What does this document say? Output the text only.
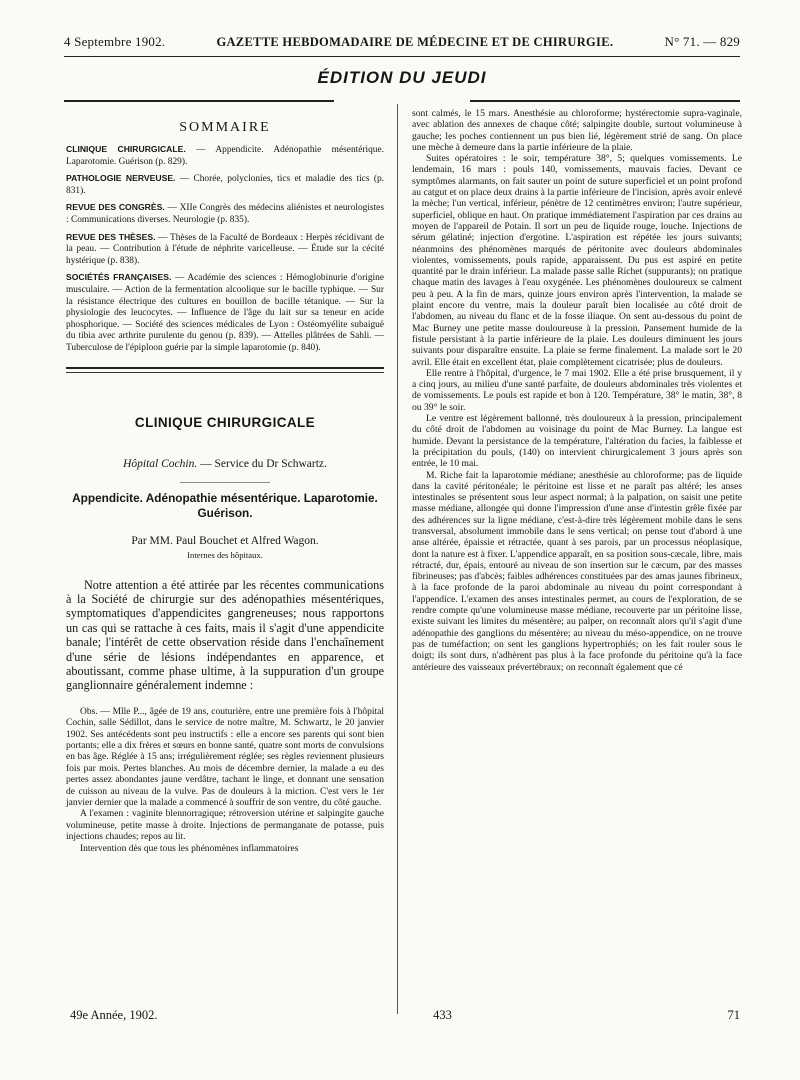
4 Septembre 1902.	GAZETTE HEBDOMADAIRE DE MÉDECINE ET DE CHIRURGIE.	N° 71. — 829
ÉDITION DU JEUDI
SOMMAIRE

CLINIQUE CHIRURGICALE. — Appendicite. Adénopathie mésentérique. Laparotomie. Guérison (p. 829).

PATHOLOGIE NERVEUSE. — Chorée, polyclonies, tics et maladie des tics (p. 831).

REVUE DES CONGRÈS. — XIIe Congrès des médecins aliénistes et neurologistes : Communications diverses. Neurologie (p. 835).

REVUE DES THÈSES. — Thèses de la Faculté de Bordeaux : Herpès récidivant de la peau. — Contribution à l'étude de néphrite varicelleuse. — Étude sur la cécité hystérique (p. 838).

SOCIÉTÉS FRANÇAISES. — Académie des sciences : Hémoglobinurie d'origine musculaire. — Action de la fermentation alcoolique sur le bacille typhique. — Sur la résistance électrique des cultures en bouillon de bacille tétanique. — Sur la physiologie des leucocytes. — Influence de l'âge du lait sur sa teneur en acide phosphorique. — Société des sciences médicales de Lyon : Ostéomyélite subaiguë du tibia avec arthrite purulente du genou (p. 839). — Attelles plâtrées de Sahli. — Tuberculose de l'épiploon guérie par la simple laparotomie (p. 840).

CLINIQUE CHIRURGICALE
Hôpital Cochin. — Service du Dr Schwartz.
Appendicite. Adénopathie mésentérique. Laparotomie. Guérison.
Par MM. Paul Bouchet et Alfred Wagon.
Internes des hôpitaux.

Notre attention a été attirée par les récentes communications à la Société de chirurgie sur des adénopathies mésentériques, symptomatiques d'appendicites gangreneuses; nous rapportons un cas qui se rattache à ces faits, mais il s'agit d'une appendicite banale; l'intérêt de cette observation réside dans l'enchaînement d'une série de lésions indépendantes en apparence, et aboutissant, comme phase ultime, à la suppuration d'un groupe ganglionnaire généralement indemne :

Obs. — Mlle P..., âgée de 19 ans, couturière, entre une première fois à l'hôpital Cochin, salle Sédillot, dans le service de notre maître, M. Schwartz, le 20 janvier 1902. Ses antécédents sont peu instructifs : elle a encore ses parents qui sont bien portants; elle a dix frères et sœurs en bonne santé, quatre sont morts de convulsions en bas âge. Réglée à 15 ans; irrégulièrement réglée; ses règles reviennent plusieurs fois par mois. Pertes blanches. Au mois de décembre dernier, la malade a eu des pertes assez abondantes jaune verdâtre, tachant le linge, et donnant une sensation de cuisson au niveau de la vulve. Pas de douleurs à la miction. C'est vers le 1er janvier dernier que la malade a commencé à souffrir de son ventre, du côté gauche.

A l'examen : vaginite blennorragique; rétroversion utérine et salpingite gauche volumineuse, petite masse à droite. Injections de permanganate de potasse, puis injections chaudes; repos au lit.

Intervention dès que tous les phénomènes inflammatoires

sont calmés, le 15 mars. Anesthésie au chloroforme; hystérectomie supra-vaginale, avec ablation des annexes de chaque côté; salpingite double, surtout volumineuse à gauche; les poches contiennent un pus bien lié, légèrement strié de sang. On place une mèche à demeure dans la partie inférieure de la plaie.

Suites opératoires : le soir, température 38°, 5; quelques vomissements. Le lendemain, 16 mars : pouls 140, vomissements, mauvais facies. Devant ce symptômes alarmants, on fait sauter un point de suture superficiel et un point profond au catgut et on place deux drains à la partie inférieure de l'incision, après avoir enlevé la mèche; l'un vertical, inférieur, pénètre de 12 centimètres environ; l'autre supérieur, superficiel, oblique en haut. On pratique immédiatement l'aspiration par ces drains au moyen de l'appareil de Potain. Il sort un peu de liquide rouge, louche. Injections de sérum gélatiné; injection d'ergotine. L'aspiration est répétée les jours suivants; néanmoins des phénomènes marqués de péritonite avec douleurs abdominales violentes, vomissements, pouls rapide, apparaissent. Du pus est aspiré en petite quantité par le drain inférieur. La malade passe salle Richet (suppurants); on pratique chaque matin des lavages à l'eau oxygénée. Les phénomènes douloureux se calment peu à peu. A la fin de mars, quinze jours environ après l'intervention, la malade se plaint encore du ventre, mais la douleur paraît bien localisée au côté droit de l'abdomen, au niveau du flanc et de la fosse iliaque. On sent au-dessous du point de Mac Burney une petite masse douloureuse à la pression. Pansement humide de la fistule persistant à la partie inférieure de la plaie. Les douleurs diminuent les jours suivants pour disparaître ensuite. La plaie se ferme finalement. La malade sort le 20 avril. Elle était en excellent état, plaie complètement cicatrisée; plus de douleurs.

Elle rentre à l'hôpital, d'urgence, le 7 mai 1902. Elle a été prise brusquement, il y a cinq jours, au milieu d'une santé parfaite, de douleurs abdominales très violentes et de vomissements. Le pouls est rapide et bon à 120. Température, 38° le matin, 38°, 8 ou 39° le soir.

Le ventre est légèrement ballonné, très douloureux à la pression, principalement du côté droit de l'abdomen au voisinage du point de Mac Burney. La langue est humide. Devant la persistance de la température, l'altération du facies, la faiblesse et la précipitation du pouls, (140) on intervient chirurgicalement 3 jours après son entrée, le 10 mai.

M. Riche fait la laparotomie médiane; anesthésie au chloroforme; pas de liquide dans la cavité péritonéale; le péritoine est lisse et ne paraît pas altéré; les anses intestinales se présentent sous leur aspect normal; à la palpation, on saisit une petite masse médiane, allongée qui donne l'impression d'une anse d'intestin grêle fixée par des adhérences sur la ligne médiane, c'est-à-dire très légèrement mobile dans le sens transversal, absolument immobile dans le sens vertical; on pense tout d'abord à une anse altérée, épaissie et rétractée, quant à ses parois, par un processus néoplasique, dont la nature est à fixer. L'appendice apparaît, en sa position sous-cæcale, libre, mais rétracté, dur, épais, entouré au niveau de son insertion sur le cæcum, par des masses fibrineuses; pas d'abcès; faibles adhérences constituées par des amas jaunes fibrineux, à la face profonde de la paroi abdominale au niveau du point correspondant à l'appendice. L'examen des anses intestinales permet, au cours de l'exploration, de se rendre compte qu'une volumineuse masse médiane, recouverte par un péritoine lisse, existe suivant les limites du mésentère; au palper, on reconnaît alors qu'il s'agit d'une adénopathie des ganglions du mésentère; au niveau du méso-appendice, on ne trouve pas de tuméfaction; on sent les ganglions hypertrophiés; on les fait rouler sous le doigt; ils sont durs, n'adhèrent pas plus à la face profonde du péritoine qu'à la face antérieure des vaisseaux prévertébraux; on reconnaît également que cé

49e Année, 1902.	433	71
